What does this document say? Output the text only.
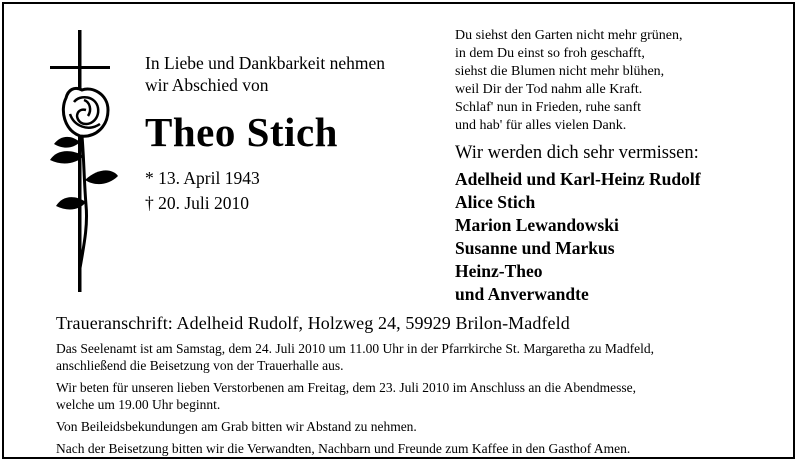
In Liebe und Dankbarkeit nehmen
wir Abschied von
Theo Stich
* 13. April 1943
† 20. Juli 2010
Du siehst den Garten nicht mehr grünen,
in dem Du einst so froh geschafft,
siehst die Blumen nicht mehr blühen,
weil Dir der Tod nahm alle Kraft.
Schlaf' nun in Frieden, ruhe sanft
und hab' für alles vielen Dank.
Wir werden dich sehr vermissen:
Adelheid und Karl-Heinz Rudolf
Alice Stich
Marion Lewandowski
Susanne und Markus
Heinz-Theo
und Anverwandte
Traueranschrift: Adelheid Rudolf, Holzweg 24, 59929 Brilon-Madfeld
Das Seelenamt ist am Samstag, dem 24. Juli 2010 um 11.00 Uhr in der Pfarrkirche St. Margaretha zu Madfeld,
anschließend die Beisetzung von der Trauerhalle aus.
Wir beten für unseren lieben Verstorbenen am Freitag, dem 23. Juli 2010 im Anschluss an die Abendmesse,
welche um 19.00 Uhr beginnt.
Von Beileidsbekundungen am Grab bitten wir Abstand zu nehmen.
Nach der Beisetzung bitten wir die Verwandten, Nachbarn und Freunde zum Kaffee in den Gasthof Amen.
